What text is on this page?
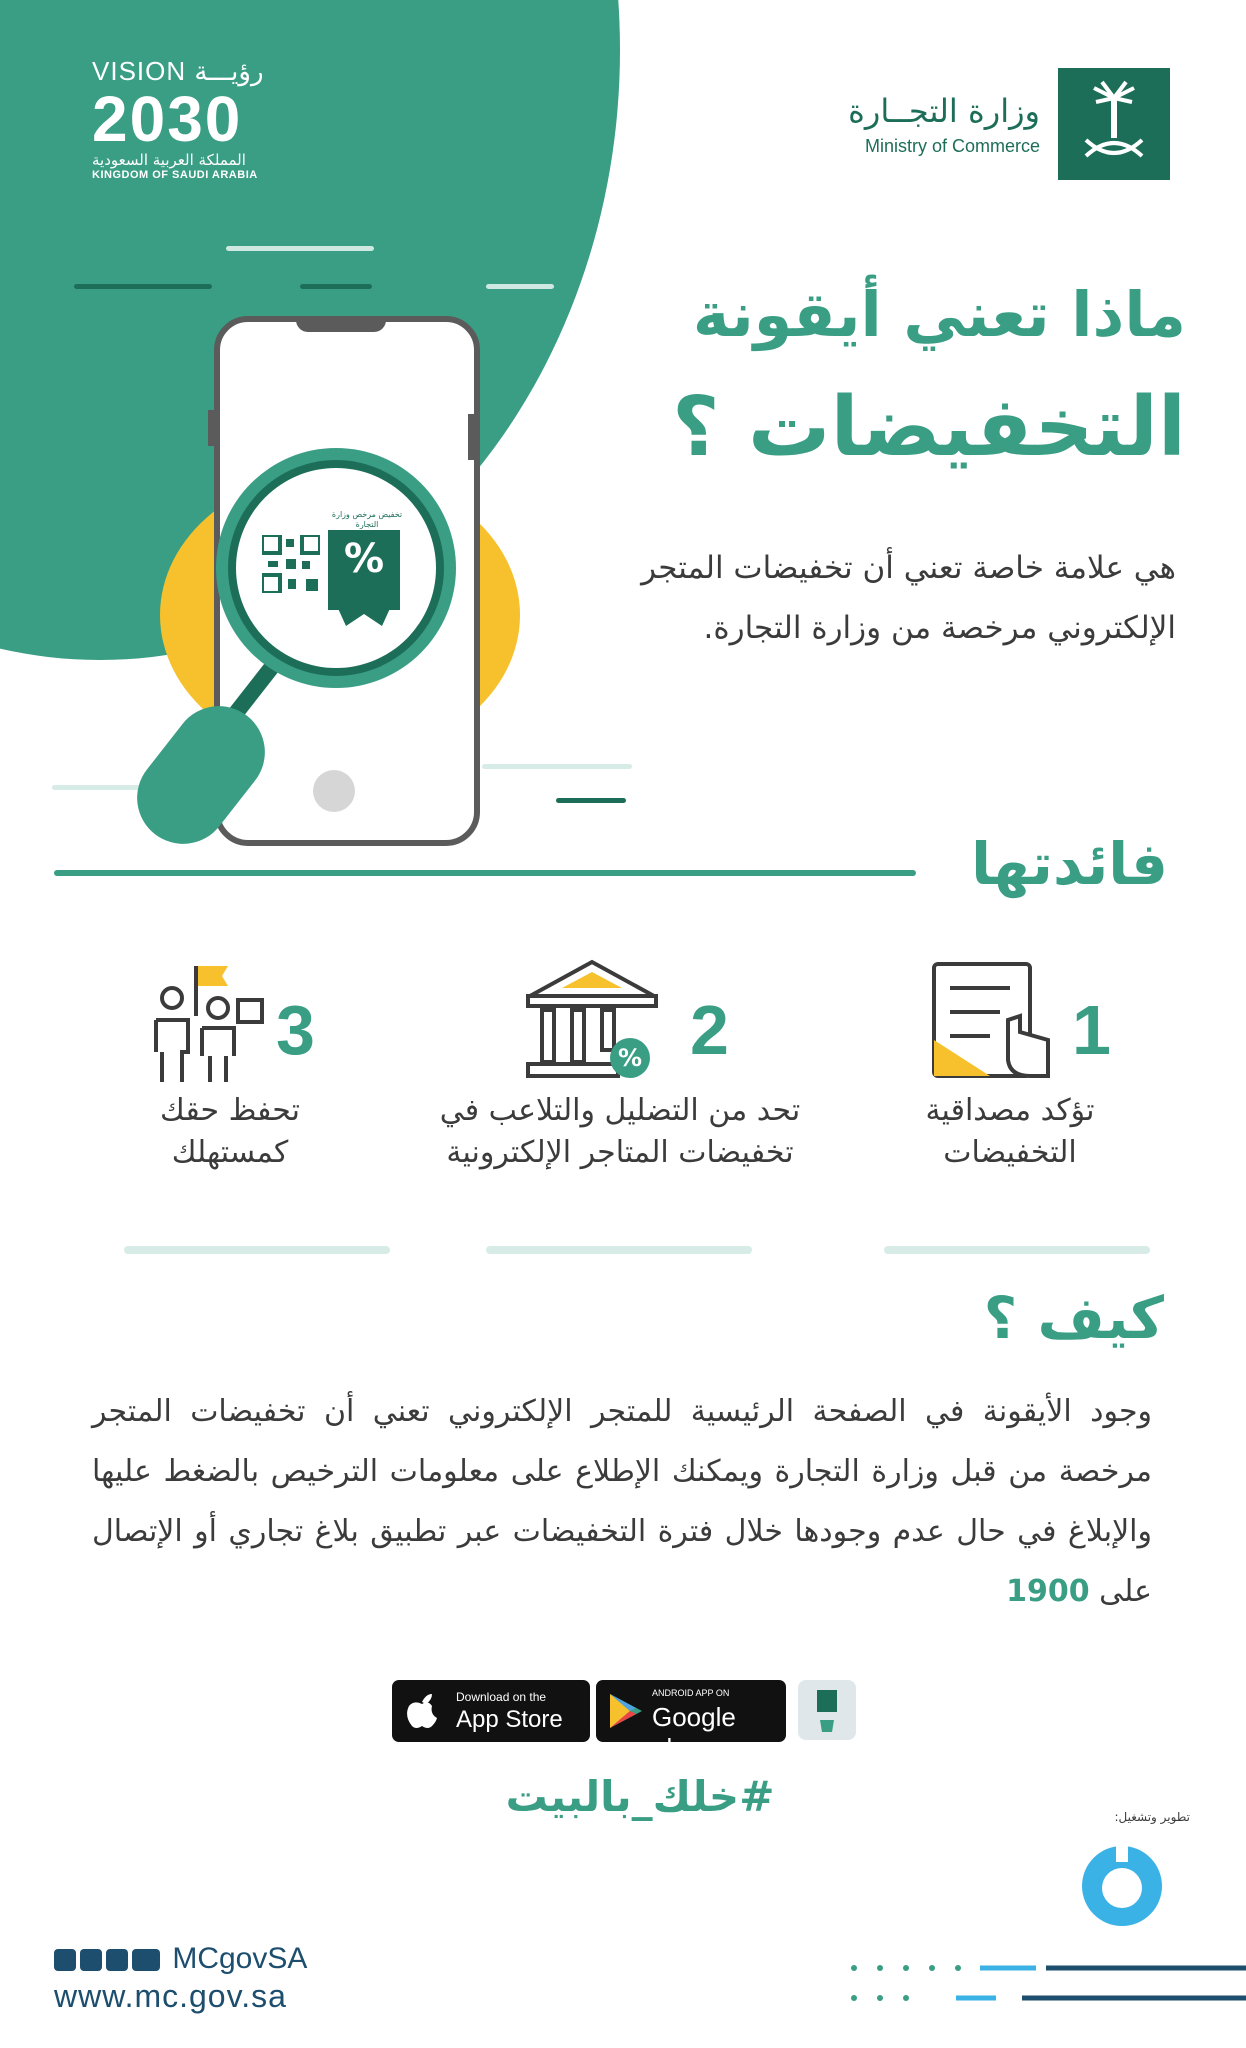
VISION رؤيـــة
2030
المملكة العربية السعودية
KINGDOM OF SAUDI ARABIA
وزارة التجــارة
Ministry of Commerce
تخفيض مرخص وزارة التجارة
%
ماذا تعني أيقونة
التخفيضات ؟
هي علامة خاصة تعني أن تخفيضات المتجر الإلكتروني مرخصة من وزارة التجارة.
فائدتها
1
تؤكد مصداقية التخفيضات
% 2
تحد من التضليل والتلاعب في تخفيضات المتاجر الإلكترونية
3
تحفظ حقك كمستهلك
كيف ؟
وجود الأيقونة في الصفحة الرئيسية للمتجر الإلكتروني تعني أن تخفيضات المتجر مرخصة من قبل وزارة التجارة ويمكنك الإطلاع على معلومات الترخيص بالضغط عليها والإبلاغ في حال عدم وجودها خلال فترة التخفيضات عبر تطبيق بلاغ تجاري أو الإتصال على 1900
Download on the
App Store
ANDROID APP ON
Google play
#خلك_بالبيت	تطوير وتشغيل:
MCgovSA
www.mc.gov.sa
